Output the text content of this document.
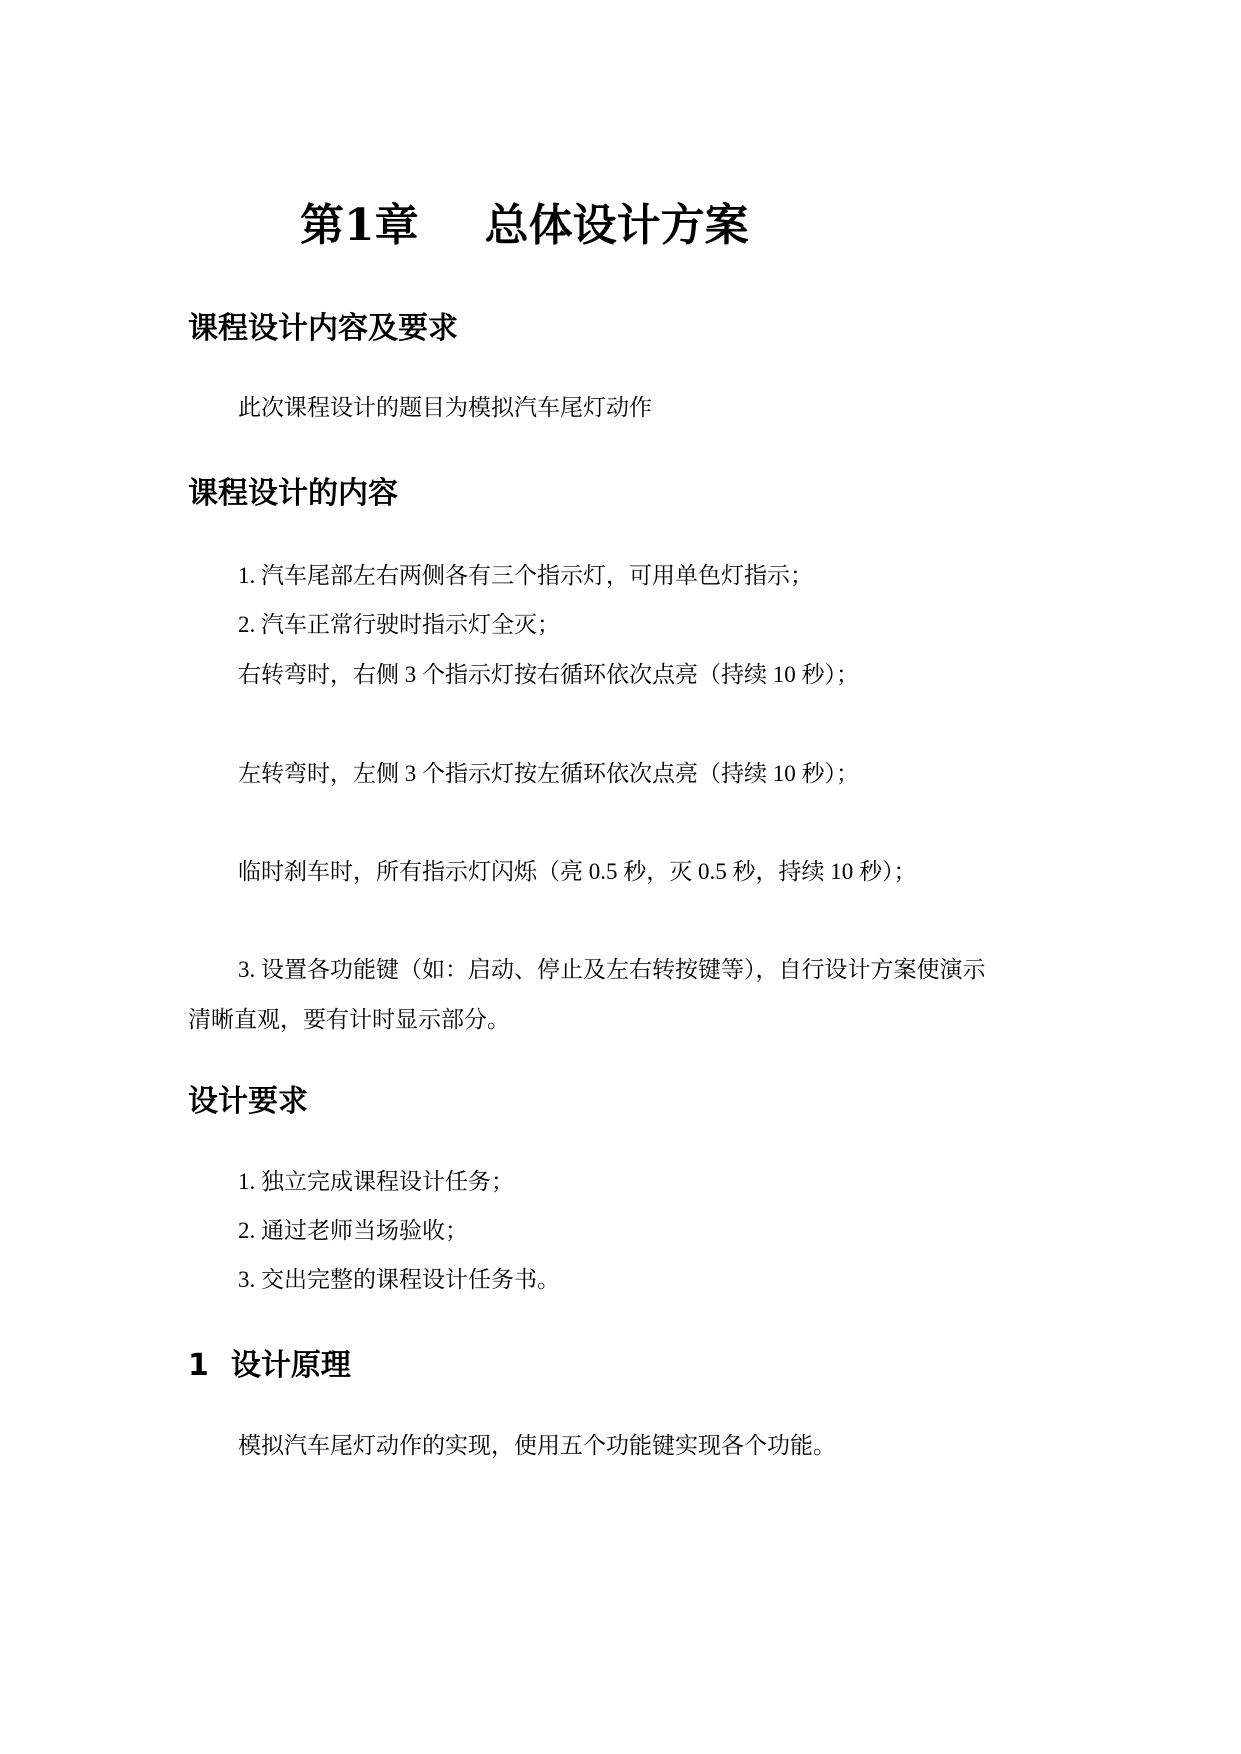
第1章 总体设计方案
课程设计内容及要求
此次课程设计的题目为模拟汽车尾灯动作
课程设计的内容
1. 汽车尾部左右两侧各有三个指示灯，可用单色灯指示；
2. 汽车正常行驶时指示灯全灭；
右转弯时，右侧 3 个指示灯按右循环依次点亮（持续 10 秒）；
左转弯时，左侧 3 个指示灯按左循环依次点亮（持续 10 秒）；
临时刹车时，所有指示灯闪烁（亮 0.5 秒，灭 0.5 秒，持续 10 秒）；
3. 设置各功能键（如：启动、停止及左右转按键等），自行设计方案使演示清晰直观，要有计时显示部分。
设计要求
1. 独立完成课程设计任务；
2. 通过老师当场验收；
3. 交出完整的课程设计任务书。
1 设计原理
模拟汽车尾灯动作的实现，使用五个功能键实现各个功能。
